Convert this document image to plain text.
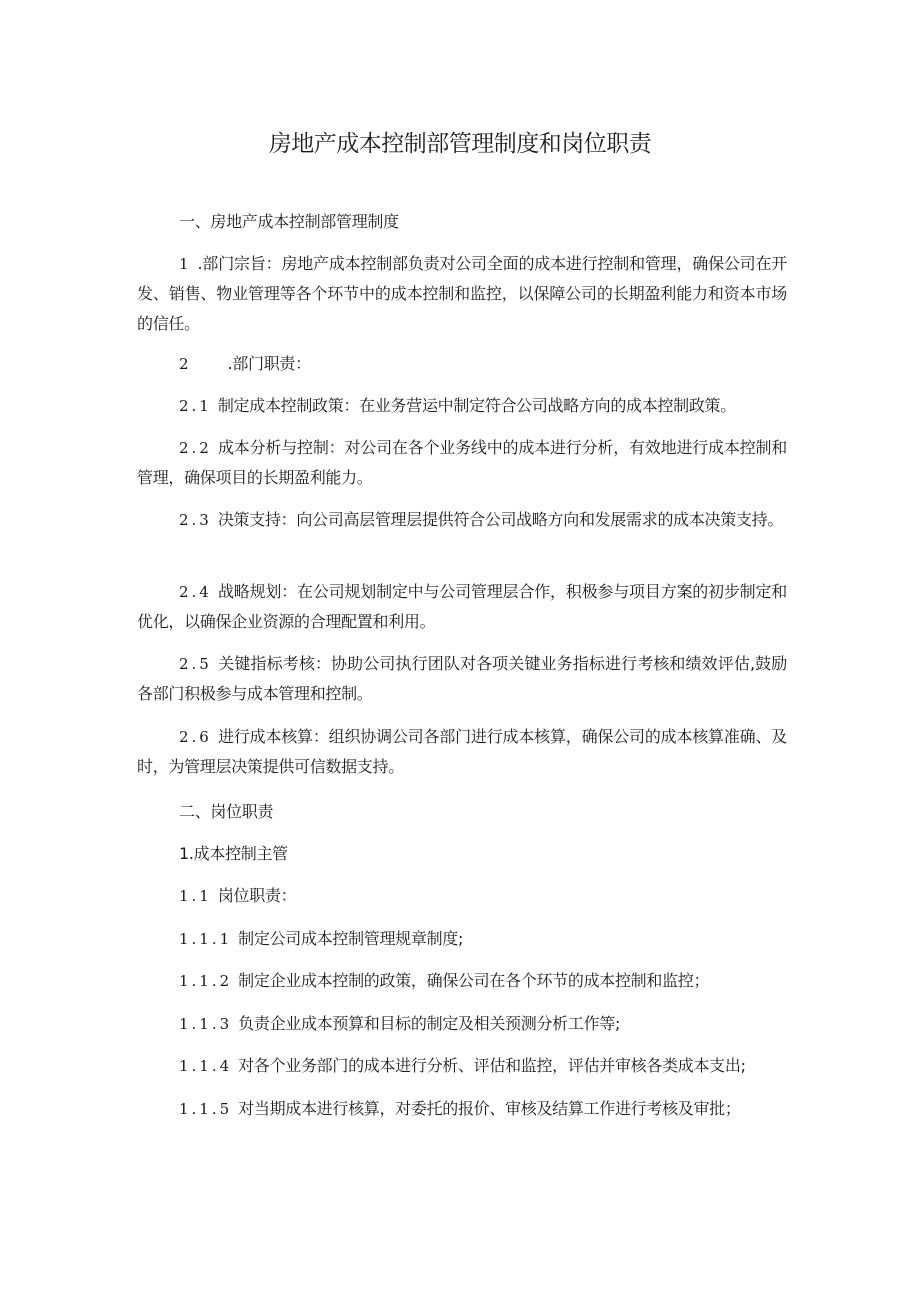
房地产成本控制部管理制度和岗位职责

一、房地产成本控制部管理制度

1 .部门宗旨：房地产成本控制部负责对公司全面的成本进行控制和管理，确保公司在开发、销售、物业管理等各个环节中的成本控制和监控，以保障公司的长期盈利能力和资本市场的信任。

2 .部门职责：

2.1 制定成本控制政策：在业务营运中制定符合公司战略方向的成本控制政策。

2.2 成本分析与控制：对公司在各个业务线中的成本进行分析，有效地进行成本控制和管理，确保项目的长期盈利能力。

2.3 决策支持：向公司高层管理层提供符合公司战略方向和发展需求的成本决策支持。

2.4 战略规划：在公司规划制定中与公司管理层合作，积极参与项目方案的初步制定和优化，以确保企业资源的合理配置和利用。

2.5 关键指标考核：协助公司执行团队对各项关键业务指标进行考核和绩效评估,鼓励各部门积极参与成本管理和控制。

2.6 进行成本核算：组织协调公司各部门进行成本核算，确保公司的成本核算准确、及时，为管理层决策提供可信数据支持。

二、岗位职责

1.成本控制主管

1.1 岗位职责：

1.1.1 制定公司成本控制管理规章制度;

1.1.2 制定企业成本控制的政策，确保公司在各个环节的成本控制和监控；

1.1.3 负责企业成本预算和目标的制定及相关预测分析工作等;

1.1.4 对各个业务部门的成本进行分析、评估和监控，评估并审核各类成本支出;

1.1.5 对当期成本进行核算，对委托的报价、审核及结算工作进行考核及审批；
